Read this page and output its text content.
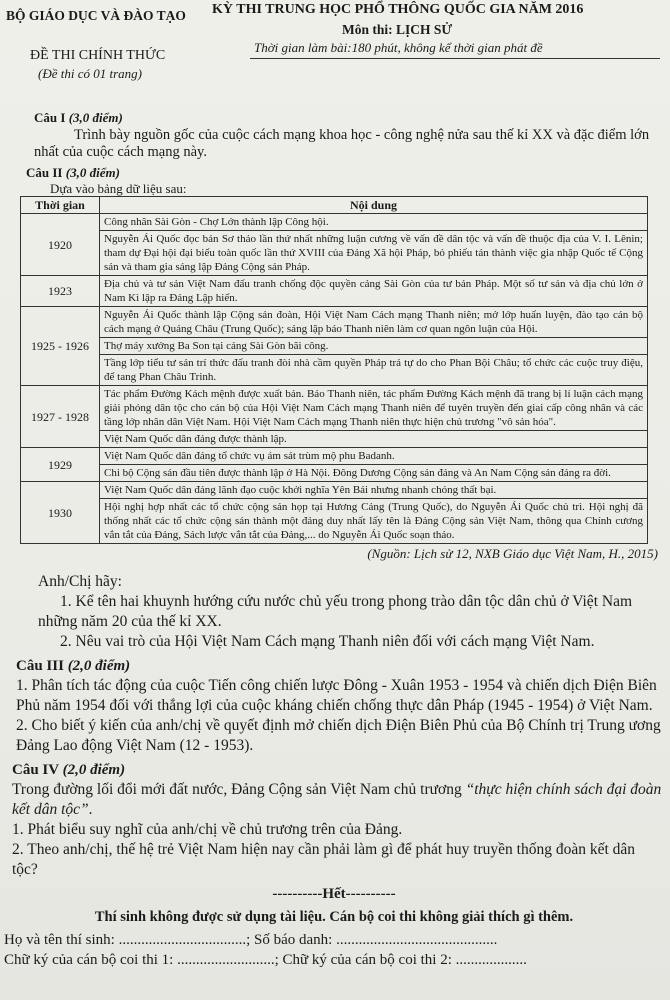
BỘ GIÁO DỤC VÀ ĐÀO TẠO KỲ THI TRUNG HỌC PHỔ THÔNG QUỐC GIA NĂM 2016
Môn thi: LỊCH SỬ
Thời gian làm bài:180 phút, không kể thời gian phát đề
ĐỀ THI CHÍNH THỨC
(Đề thi có 01 trang)
Câu I (3,0 điểm)
Trình bày nguồn gốc của cuộc cách mạng khoa học - công nghệ nửa sau thế kỉ XX và đặc điểm lớn nhất của cuộc cách mạng này.
Câu II (3,0 điểm)
Dựa vào bảng dữ liệu sau:
Thời gian	Nội dung
1920	Công nhân Sài Gòn - Chợ Lớn thành lập Công hội.
	Nguyễn Ái Quốc đọc bản Sơ thảo lần thứ nhất những luận cương về vấn đề dân tộc và vấn đề thuộc địa của V. I. Lênin; tham dự Đại hội đại biểu toàn quốc lần thứ XVIII của Đảng Xã hội Pháp, bỏ phiếu tán thành việc gia nhập Quốc tế Cộng sản và tham gia sáng lập Đảng Cộng sản Pháp.
1923	Địa chủ và tư sản Việt Nam đấu tranh chống độc quyền cảng Sài Gòn của tư bản Pháp. Một số tư sản và địa chủ lớn ở Nam Kì lập ra Đảng Lập hiến.
1925 - 1926	Nguyễn Ái Quốc thành lập Cộng sản đoàn, Hội Việt Nam Cách mạng Thanh niên; mở lớp huấn luyện, đào tạo cán bộ cách mạng ở Quảng Châu (Trung Quốc); sáng lập báo Thanh niên làm cơ quan ngôn luận của Hội.
	Thợ máy xưởng Ba Son tại cảng Sài Gòn bãi công.
	Tầng lớp tiểu tư sản trí thức đấu tranh đòi nhà cầm quyền Pháp trả tự do cho Phan Bội Châu; tổ chức các cuộc truy điệu, để tang Phan Châu Trinh.
1927 - 1928	Tác phẩm Đường Kách mệnh được xuất bản. Báo Thanh niên, tác phẩm Đường Kách mệnh đã trang bị lí luận cách mạng giải phóng dân tộc cho cán bộ của Hội Việt Nam Cách mạng Thanh niên để tuyên truyền đến giai cấp công nhân và các tầng lớp nhân dân Việt Nam. Hội Việt Nam Cách mạng Thanh niên thực hiện chủ trương "vô sản hóa".
	Việt Nam Quốc dân đảng được thành lập.
1929	Việt Nam Quốc dân đảng tổ chức vụ ám sát trùm mộ phu Badanh.
	Chi bộ Cộng sản đầu tiên được thành lập ở Hà Nội. Đông Dương Cộng sản đảng và An Nam Cộng sản đảng ra đời.
1930	Việt Nam Quốc dân đảng lãnh đạo cuộc khởi nghĩa Yên Bái nhưng nhanh chóng thất bại.
	Hội nghị hợp nhất các tổ chức cộng sản họp tại Hương Cảng (Trung Quốc), do Nguyễn Ái Quốc chủ trì. Hội nghị đã thống nhất các tổ chức cộng sản thành một đảng duy nhất lấy tên là Đảng Cộng sản Việt Nam, thông qua Chính cương vắn tắt của Đảng, Sách lược vắn tắt của Đảng,... do Nguyễn Ái Quốc soạn thảo.
(Nguồn: Lịch sử 12, NXB Giáo dục Việt Nam, H., 2015)
Anh/Chị hãy:
1. Kể tên hai khuynh hướng cứu nước chủ yếu trong phong trào dân tộc dân chủ ở Việt Nam những năm 20 của thế kỉ XX.
2. Nêu vai trò của Hội Việt Nam Cách mạng Thanh niên đối với cách mạng Việt Nam.
Câu III (2,0 điểm)
1. Phân tích tác động của cuộc Tiến công chiến lược Đông - Xuân 1953 - 1954 và chiến dịch Điện Biên Phủ năm 1954 đối với thắng lợi của cuộc kháng chiến chống thực dân Pháp (1945 - 1954) ở Việt Nam.
2. Cho biết ý kiến của anh/chị về quyết định mở chiến dịch Điện Biên Phủ của Bộ Chính trị Trung ương Đảng Lao động Việt Nam (12 - 1953).
Câu IV (2,0 điểm)
Trong đường lối đổi mới đất nước, Đảng Cộng sản Việt Nam chủ trương “thực hiện chính sách đại đoàn kết dân tộc”.
1. Phát biểu suy nghĩ của anh/chị về chủ trương trên của Đảng.
2. Theo anh/chị, thế hệ trẻ Việt Nam hiện nay cần phải làm gì để phát huy truyền thống đoàn kết dân tộc?
----------Hết----------
Thí sinh không được sử dụng tài liệu. Cán bộ coi thi không giải thích gì thêm.
Họ và tên thí sinh: ..................................; Số báo danh: ...........................................
Chữ ký của cán bộ coi thi 1: ..........................; Chữ ký của cán bộ coi thi 2: ...................
